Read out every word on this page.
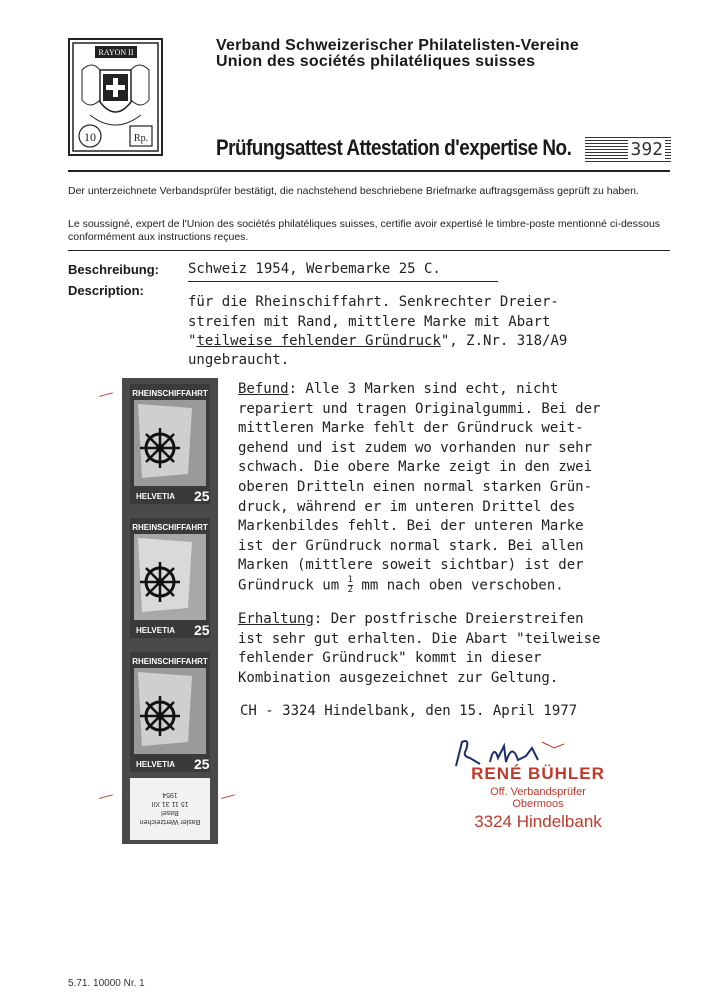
RAYON II
10	Rp.
Verband Schweizerischer Philatelisten-Vereine
Union des sociétés philatéliques suisses
Prüfungsattest Attestation d'expertise No.	392
Der unterzeichnete Verbandsprüfer bestätigt, die nachstehend beschriebene Briefmarke auftragsgemäss geprüft zu haben.
Le soussigné, expert de l'Union des sociétés philatéliques suisses, certifie avoir expertisé le timbre-poste mentionné ci-dessous conformément aux instructions reçues.
Beschreibung:
Description:
Schweiz 1954, Werbemarke 25 C.
für die Rheinschiffahrt. Senkrechter Dreier-
streifen mit Rand, mittlere Marke mit Abart
"teilweise fehlender Gründruck", Z.Nr. 318/A9
ungebraucht.
Befund: Alle 3 Marken sind echt, nicht
repariert und tragen Originalgummi. Bei der
mittleren Marke fehlt der Gründruck weit-
gehend und ist zudem wo vorhanden nur sehr
schwach. Die obere Marke zeigt in den zwei
oberen Dritteln einen normal starken Grün-
druck, während er im unteren Drittel des
Markenbildes fehlt. Bei der unteren Marke
ist der Gründruck normal stark. Bei allen
Marken (mittlere soweit sichtbar) ist der
Gründruck um $\frac{1}{2}$ mm nach oben verschoben.
Erhaltung: Der postfrische Dreierstreifen
ist sehr gut erhalten. Die Abart "teilweise
fehlender Gründruck" kommt in dieser
Kombination ausgezeichnet zur Geltung.
CH - 3324 Hindelbank, den 15. April 1977
RHEINSCHIFFAHRT
HELVETIA 25
RHEINSCHIFFAHRT
HELVETIA 25
RHEINSCHIFFAHRT
HELVETIA 25
Basler Wertzeichen
Basel
15 11 31 XII
1954
RENÉ BÜHLER
Off. Verbandsprüfer
Obermoos
3324 Hindelbank
5.71. 10000 Nr. 1
